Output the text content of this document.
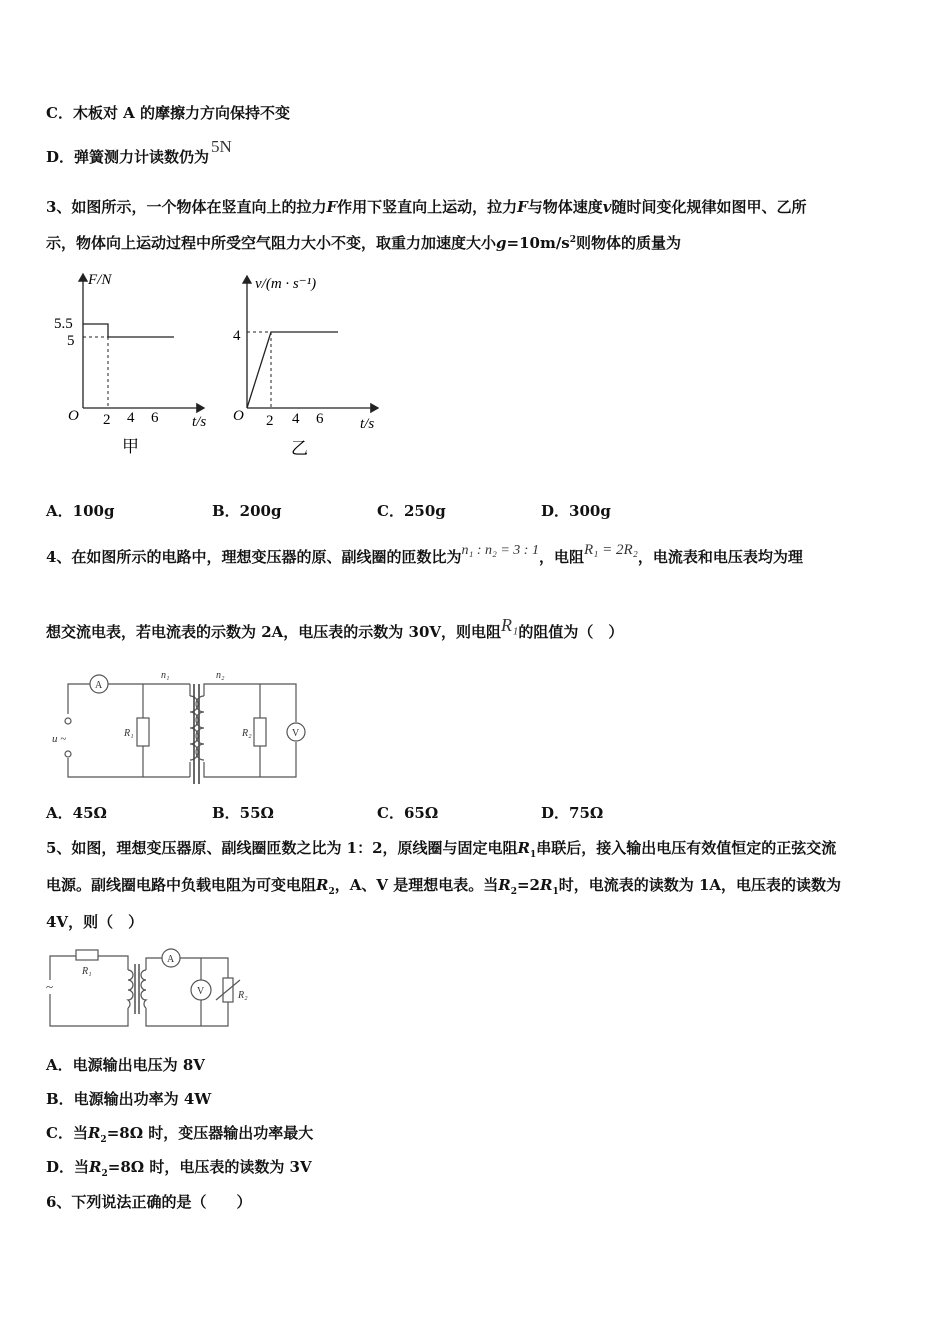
C．木板对 A 的摩擦力方向保持不变
D．弹簧测力计读数仍为5N
3、如图所示，一个物体在竖直向上的拉力F作用下竖直向上运动，拉力F与物体速度v随时间变化规律如图甲、乙所
示，物体向上运动过程中所受空气阻力大小不变，取重力加速度大小$g=10m/s^2$则物体的质量为
F/N
5.5
5
O 2 4 6 t/s
甲
v/(m · s⁻¹)
4
O 2 4 6 t/s
乙
A．100g	B．200g	C．250g	D．300g
4、在如图所示的电路中，理想变压器的原、副线圈的匝数比为n₁ : n₂ = 3 : 1，电阻R₁ = 2R₂，电流表和电压表均为理
想交流电表，若电流表的示数为 2A，电压表的示数为 30V，则电阻R₁的阻值为（　）
A
V
n₁	n₂
R₁	R₂
u ~
A．45Ω	B．55Ω	C．65Ω	D．75Ω
5、如图，理想变压器原、副线圈匝数之比为 1：2，原线圈与固定电阻$R_1$串联后，接入输出电压有效值恒定的正弦交流
电源。副线圈电路中负载电阻为可变电阻$R_2$，A、V 是理想电表。当$R_2=2R_1$时，电流表的读数为 1A，电压表的读数为
4V，则（　）
A
V
R₁
R₂
~
A．电源输出电压为 8V
B．电源输出功率为 4W
C．当$R_2=8\Omega$ 时，变压器输出功率最大
D．当$R_2=8\Omega$ 时，电压表的读数为 3V
6、下列说法正确的是（　　）
